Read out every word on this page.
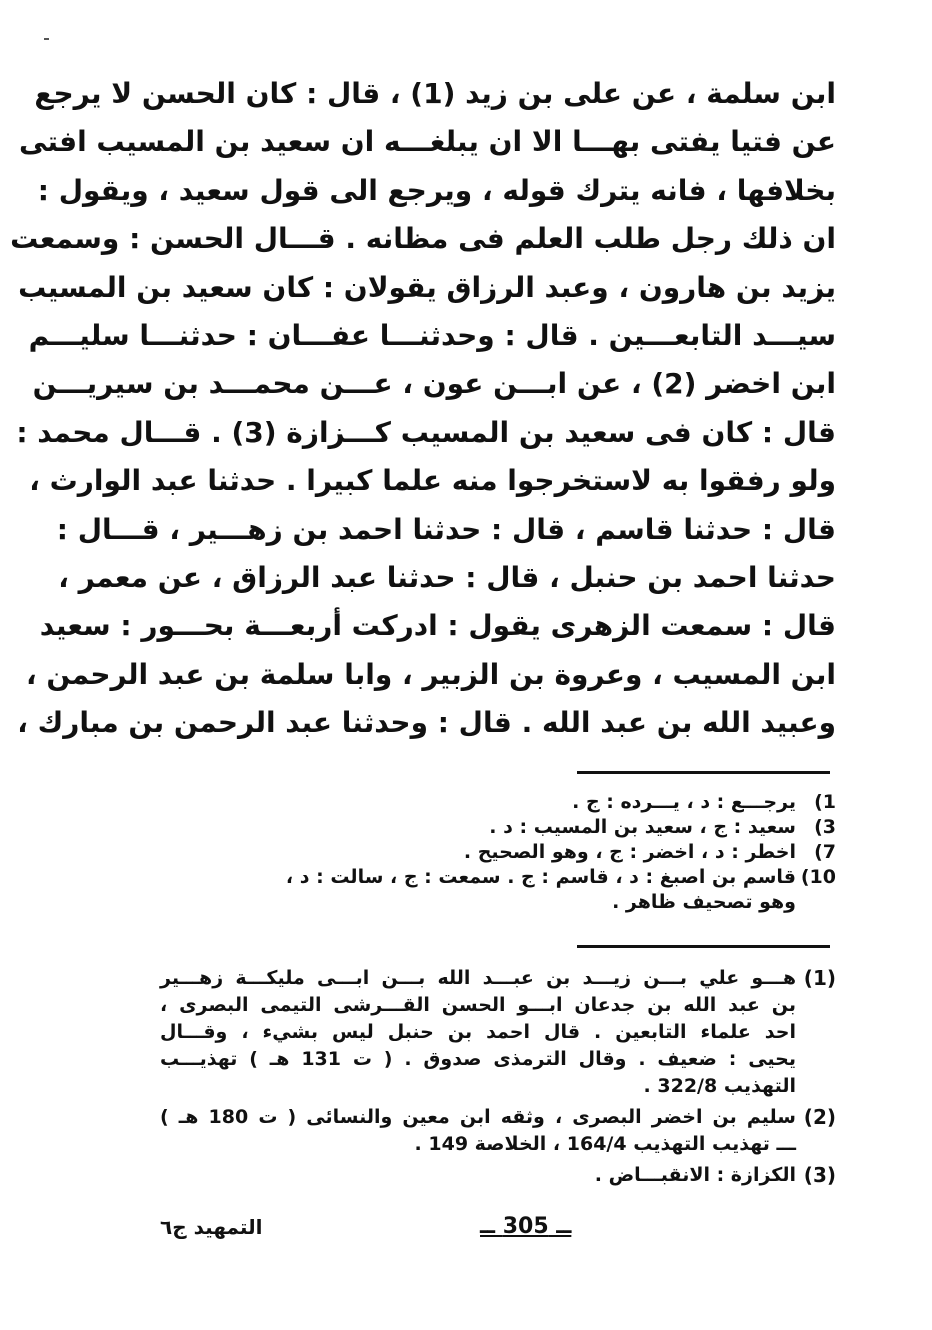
ابن سلمة ، عن على بن زيد (1) ، قال : كان الحسن لا يرجع
عن فتيا يفتى بهـــا الا ان يبلغـــه ان سعيد بن المسيب افتى
بخلافها ، فانه يترك قوله ، ويرجع الى قول سعيد ، ويقول :
ان ذلك رجل طلب العلم فى مظانه . قـــال الحسن : وسمعت
يزيد بن هارون ، وعبد الرزاق يقولان : كان سعيد بن المسيب
سيـــد التابعـــين . قال : وحدثنـــا عفـــان : حدثنـــا سليـــم
ابن اخضر (2) ، عن ابـــن عون ، عـــن محمـــد بن سيريـــن
قال : كان فى سعيد بن المسيب كـــزازة (3) . قـــال محمد :
ولو رفقوا به لاستخرجوا منه علما كبيرا . حدثنا عبد الوارث ،
قال : حدثنا قاسم ، قال : حدثنا احمد بن زهـــير ، قـــال :
حدثنا احمد بن حنبل ، قال : حدثنا عبد الرزاق ، عن معمر ،
قال : سمعت الزهرى يقول : ادركت أربعـــة بحـــور : سعيد
ابن المسيب ، وعروة بن الزبير ، وابا سلمة بن عبد الرحمن ،
وعبيد الله بن عبد الله . قال : وحدثنا عبد الرحمن بن مبارك ،
1)
يرجـــع : د ، يـــرده : ج .
3)
سعيد : ج ، سعيد بن المسيب : د .
7)
اخطر : د ، اخضر : ج ، وهو الصحيح .
10)
قاسم بن اصبغ : د ، قاسم : ج . سمعت : ج ، سالت : د ،
وهو تصحيف ظاهر .
(1)
هـــو علي بـــن زيـــد بن عبـــد الله بـــن ابـــى مليكـــة زهـــير
بن عبد الله بن جدعان ابـــو الحسن القـــرشى التيمى البصرى ،
احد علماء التابعين . قال احمد بن حنبل ليس بشيء ، وقـــال
يحيى : ضعيف . وقال الترمذى صدوق . ( ت 131 هـ ) تهذيـــب
التهذيب 322/8 .
(2)
سليم بن اخضر البصرى ، وثقه ابن معين والنسائى ( ت 180 هـ )
ـــ تهذيب التهذيب 164/4 ، الخلاصة 149 .
(3)
الكزازة : الانقبـــاض .
ــ 305 ــ
التمهيد ج٦
